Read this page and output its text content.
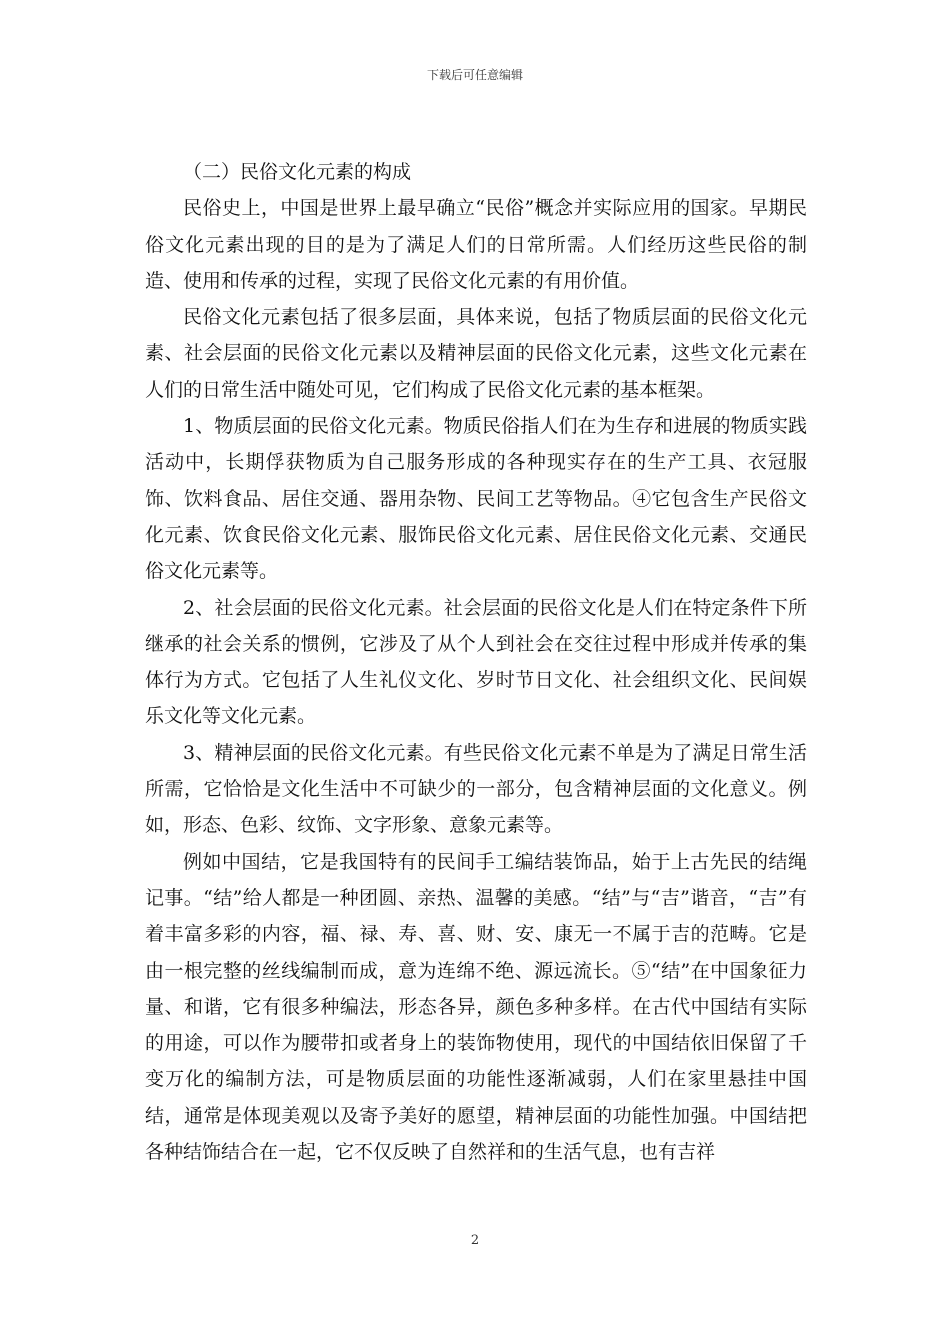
下载后可任意编辑

（二）民俗文化元素的构成

民俗史上，中国是世界上最早确立“民俗”概念并实际应用的国家。早期民俗文化元素出现的目的是为了满足人们的日常所需。人们经历这些民俗的制造、使用和传承的过程，实现了民俗文化元素的有用价值。

民俗文化元素包括了很多层面，具体来说，包括了物质层面的民俗文化元素、社会层面的民俗文化元素以及精神层面的民俗文化元素，这些文化元素在人们的日常生活中随处可见，它们构成了民俗文化元素的基本框架。

1、物质层面的民俗文化元素。物质民俗指人们在为生存和进展的物质实践活动中，长期俘获物质为自己服务形成的各种现实存在的生产工具、衣冠服饰、饮料食品、居住交通、器用杂物、民间工艺等物品。④它包含生产民俗文化元素、饮食民俗文化元素、服饰民俗文化元素、居住民俗文化元素、交通民俗文化元素等。

2、社会层面的民俗文化元素。社会层面的民俗文化是人们在特定条件下所继承的社会关系的惯例，它涉及了从个人到社会在交往过程中形成并传承的集体行为方式。它包括了人生礼仪文化、岁时节日文化、社会组织文化、民间娱乐文化等文化元素。

3、精神层面的民俗文化元素。有些民俗文化元素不单是为了满足日常生活所需，它恰恰是文化生活中不可缺少的一部分，包含精神层面的文化意义。例如，形态、色彩、纹饰、文字形象、意象元素等。

例如中国结，它是我国特有的民间手工编结装饰品，始于上古先民的结绳记事。“结”给人都是一种团圆、亲热、温馨的美感。“结”与“吉”谐音，“吉”有着丰富多彩的内容，福、禄、寿、喜、财、安、康无一不属于吉的范畴。它是由一根完整的丝线编制而成，意为连绵不绝、源远流长。⑤“结”在中国象征力量、和谐，它有很多种编法，形态各异，颜色多种多样。在古代中国结有实际的用途，可以作为腰带扣或者身上的装饰物使用，现代的中国结依旧保留了千变万化的编制方法，可是物质层面的功能性逐渐减弱，人们在家里悬挂中国结，通常是体现美观以及寄予美好的愿望，精神层面的功能性加强。中国结把各种结饰结合在一起，它不仅反映了自然祥和的生活气息，也有吉祥

2
